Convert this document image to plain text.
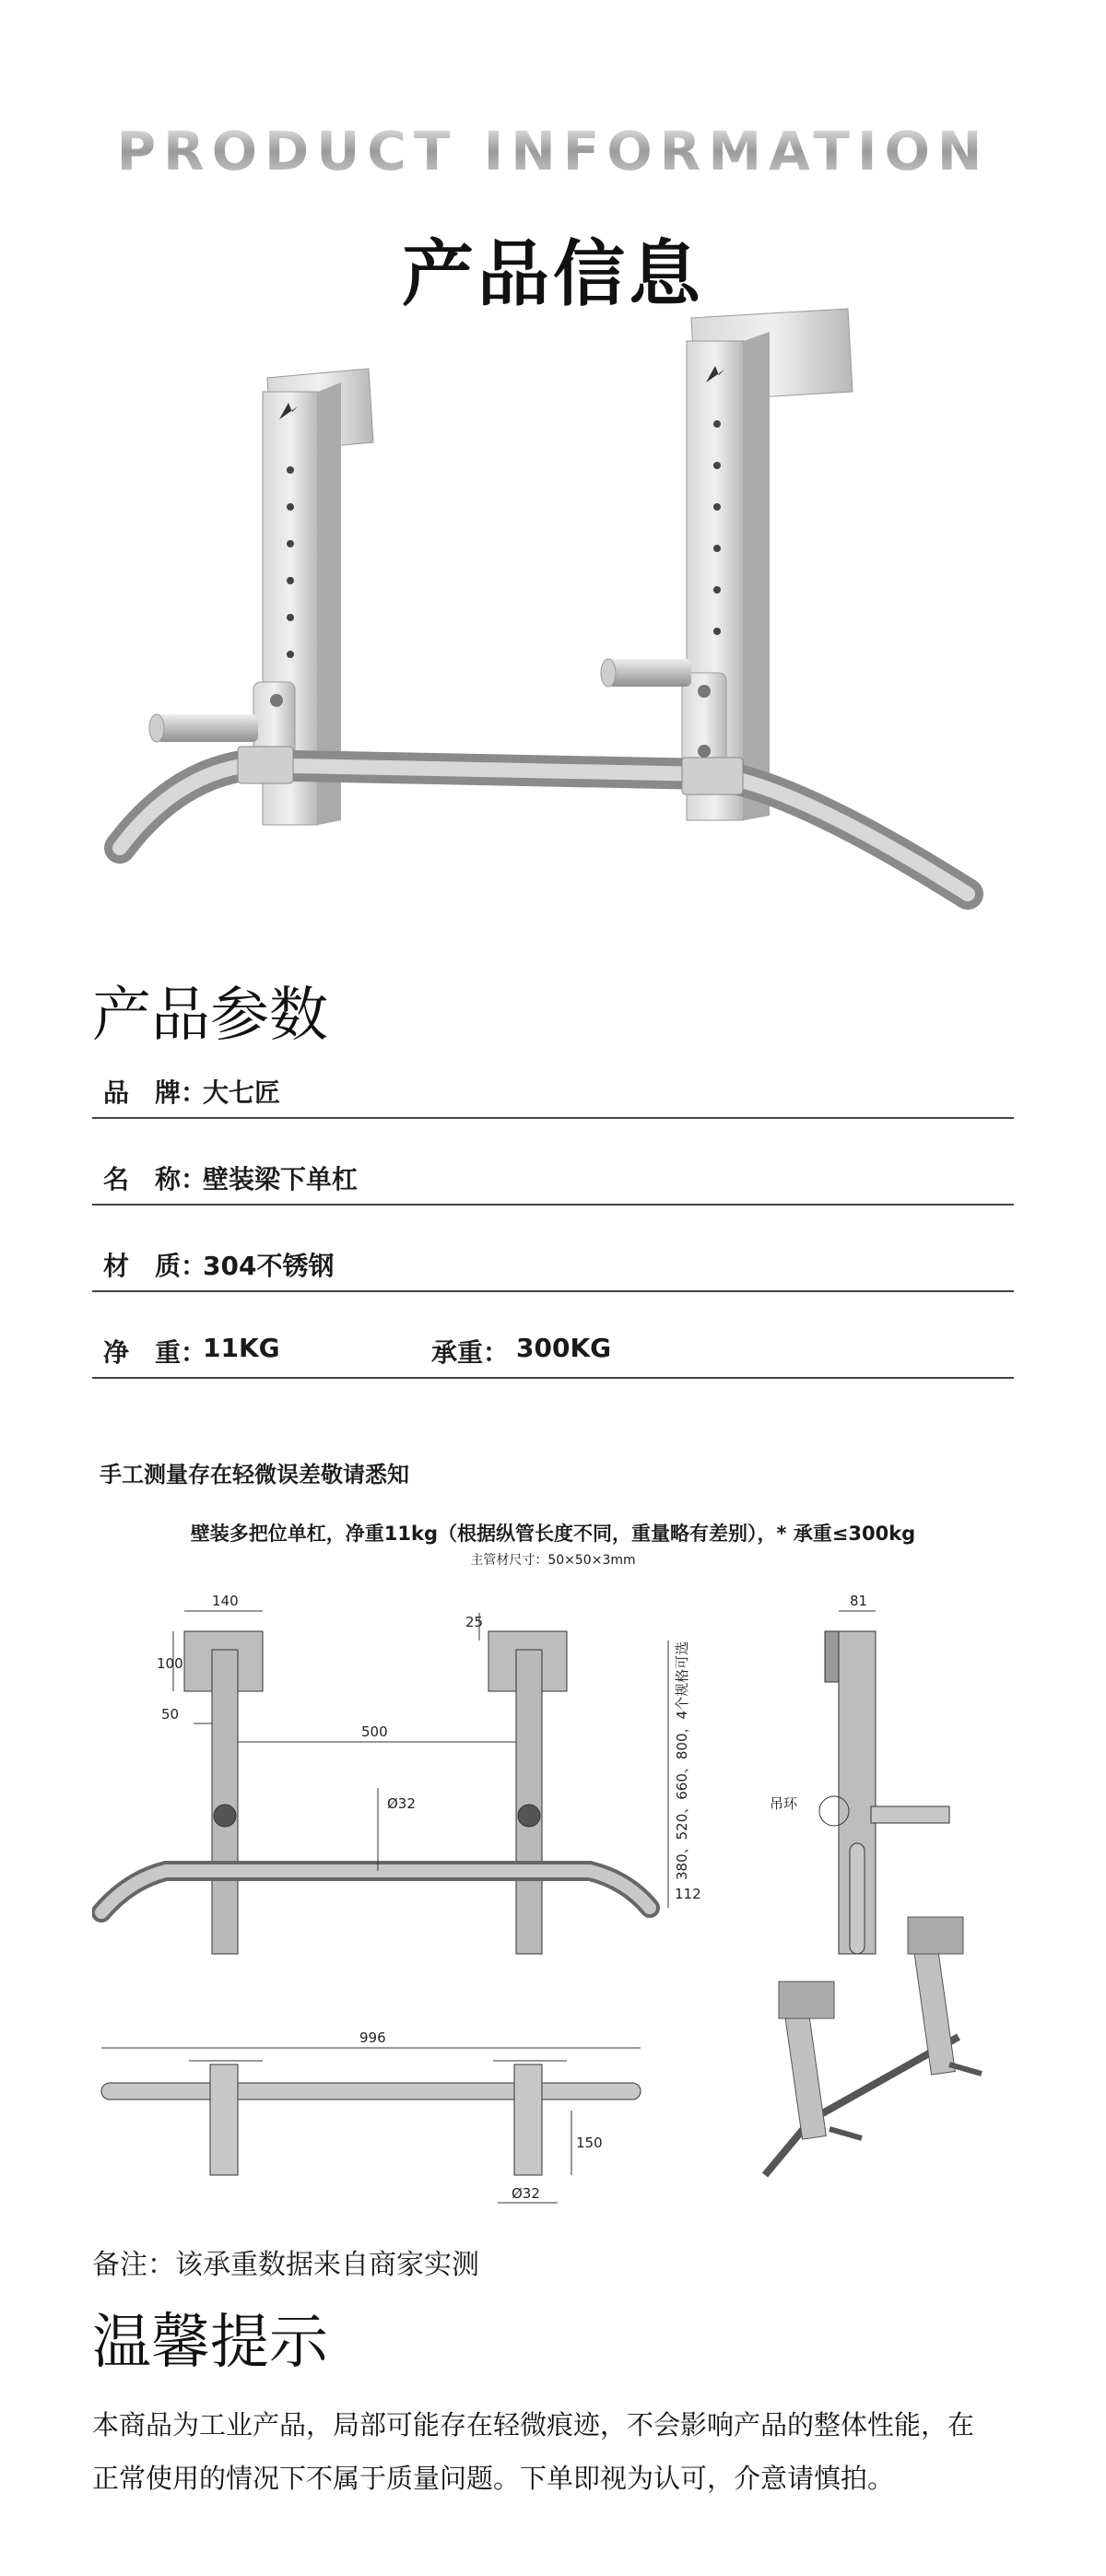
PRODUCT INFORMATION
产品信息
产品参数
品　牌：
大七匠
名　称：
壁装梁下单杠
材　质：
304不锈钢
净　重：
11KG	承重： 300KG
手工测量存在轻微误差敬请悉知
壁装多把位单杠，净重11kg（根据纵管长度不同，重量略有差别），* 承重≤300kg
主管材尺寸：50×50×3mm
140
100
25
50
500
Ø32
112
81
996
150
Ø32
吊环
380、520、660、800，4个规格可选
备注：该承重数据来自商家实测
温馨提示
本商品为工业产品，局部可能存在轻微痕迹，不会影响产品的整体性能，在
正常使用的情况下不属于质量问题。下单即视为认可，介意请慎拍。
